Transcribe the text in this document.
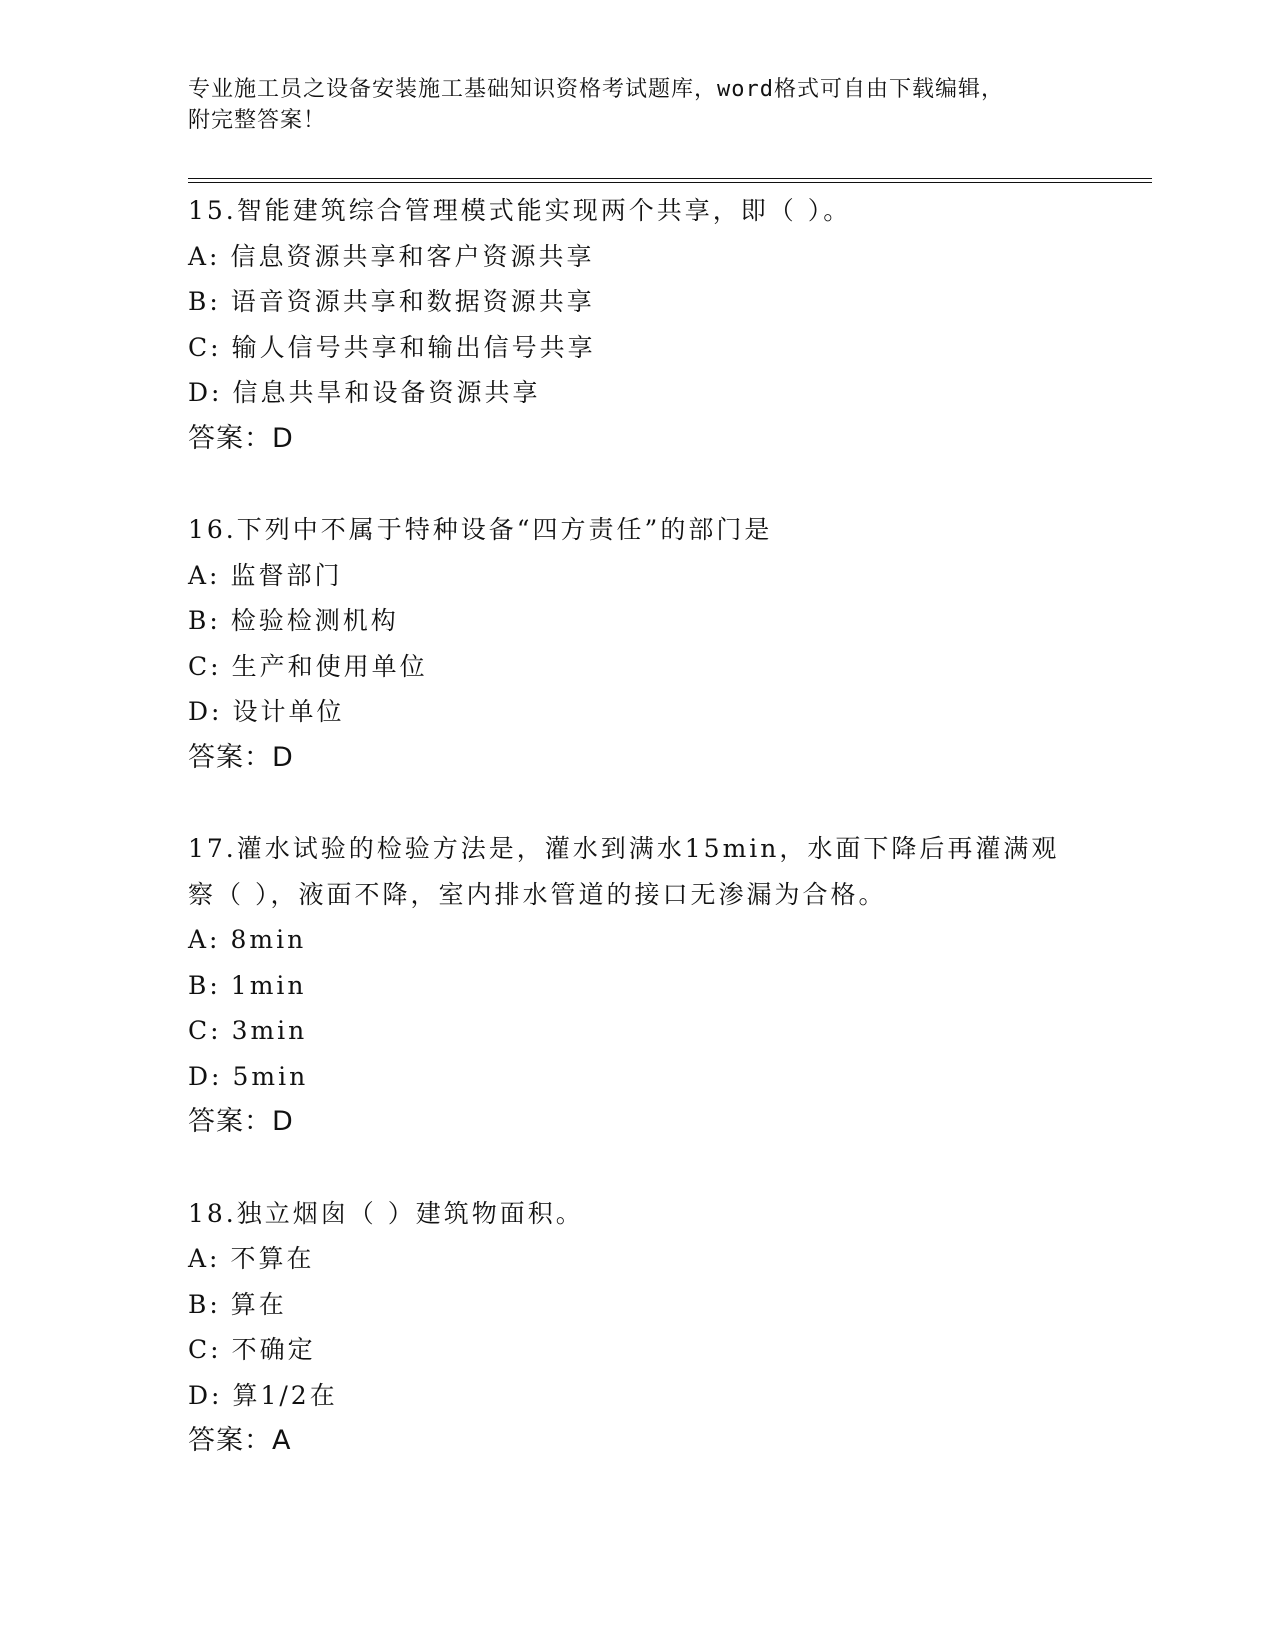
专业施工员之设备安装施工基础知识资格考试题库，word格式可自由下载编辑，
附完整答案！
15.智能建筑综合管理模式能实现两个共享，即（ ）。
A: 信息资源共享和客户资源共享
B: 语音资源共享和数据资源共享
C: 输人信号共享和输出信号共享
D: 信息共旱和设备资源共享
答案：D
16.下列中不属于特种设备“四方责任”的部门是
A: 监督部门
B: 检验检测机构
C: 生产和使用单位
D: 设计单位
答案：D
17.灌水试验的检验方法是，灌水到满水15min，水面下降后再灌满观
察（ ），液面不降，室内排水管道的接口无渗漏为合格。
A: 8min
B: 1min
C: 3min
D: 5min
答案：D
18.独立烟囱（ ）建筑物面积。
A: 不算在
B: 算在
C: 不确定
D: 算1/2在
答案：A
